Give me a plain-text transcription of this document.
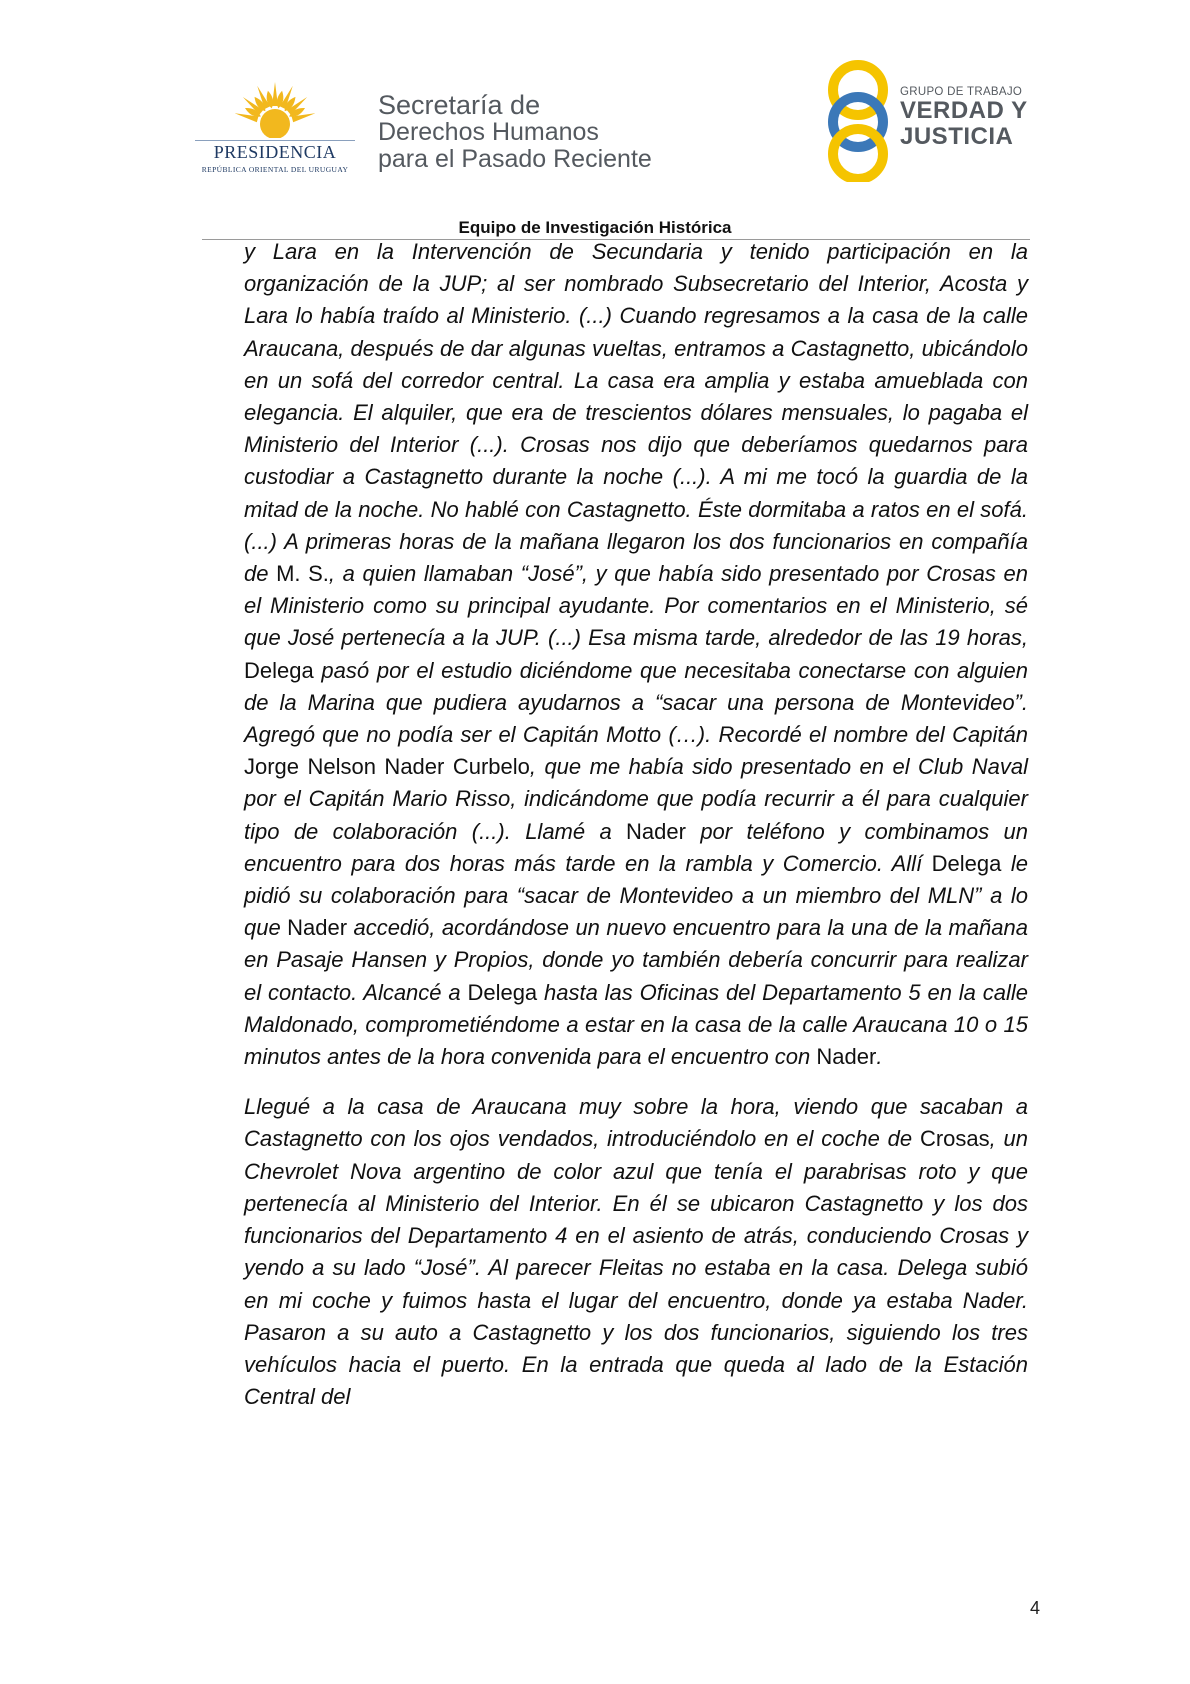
PRESIDENCIA
REPÚBLICA ORIENTAL DEL URUGUAY
Secretaría de
Derechos Humanos
para el Pasado Reciente
GRUPO DE TRABAJO
VERDAD Y
JUSTICIA
Equipo de Investigación Histórica

y Lara en la Intervención de Secundaria y tenido participación en la organización de la JUP; al ser nombrado Subsecretario del Interior, Acosta y Lara lo había traído al Ministerio. (...) Cuando regresamos a la casa de la calle Araucana, después de dar algunas vueltas, entramos a Castagnetto, ubicándolo en un sofá del corredor central. La casa era amplia y estaba amueblada con elegancia. El alquiler, que era de trescientos dólares mensuales, lo pagaba el Ministerio del Interior (...). Crosas nos dijo que deberíamos quedarnos para custodiar a Castagnetto durante la noche (...). A mi me tocó la guardia de la mitad de la noche. No hablé con Castagnetto. Éste dormitaba a ratos en el sofá. (...) A primeras horas de la mañana llegaron los dos funcionarios en compañía de M. S., a quien llamaban “José”, y que había sido presentado por Crosas en el Ministerio como su principal ayudante. Por comentarios en el Ministerio, sé que José pertenecía a la JUP. (...) Esa misma tarde, alrededor de las 19 horas, Delega pasó por el estudio diciéndome que necesitaba conectarse con alguien de la Marina que pudiera ayudarnos a “sacar una persona de Montevideo”. Agregó que no podía ser el Capitán Motto (…). Recordé el nombre del Capitán Jorge Nelson Nader Curbelo, que me había sido presentado en el Club Naval por el Capitán Mario Risso, indicándome que podía recurrir a él para cualquier tipo de colaboración (...). Llamé a Nader por teléfono y combinamos un encuentro para dos horas más tarde en la rambla y Comercio. Allí Delega le pidió su colaboración para “sacar de Montevideo a un miembro del MLN” a lo que Nader accedió, acordándose un nuevo encuentro para la una de la mañana en Pasaje Hansen y Propios, donde yo también debería concurrir para realizar el contacto. Alcancé a Delega hasta las Oficinas del Departamento 5 en la calle Maldonado, comprometiéndome a estar en la casa de la calle Araucana 10 o 15 minutos antes de la hora convenida para el encuentro con Nader.

Llegué a la casa de Araucana muy sobre la hora, viendo que sacaban a Castagnetto con los ojos vendados, introduciéndolo en el coche de Crosas, un Chevrolet Nova argentino de color azul que tenía el parabrisas roto y que pertenecía al Ministerio del Interior. En él se ubicaron Castagnetto y los dos funcionarios del Departamento 4 en el asiento de atrás, conduciendo Crosas y yendo a su lado “José”. Al parecer Fleitas no estaba en la casa. Delega subió en mi coche y fuimos hasta el lugar del encuentro, donde ya estaba Nader. Pasaron a su auto a Castagnetto y los dos funcionarios, siguiendo los tres vehículos hacia el puerto. En la entrada que queda al lado de la Estación Central del

4
